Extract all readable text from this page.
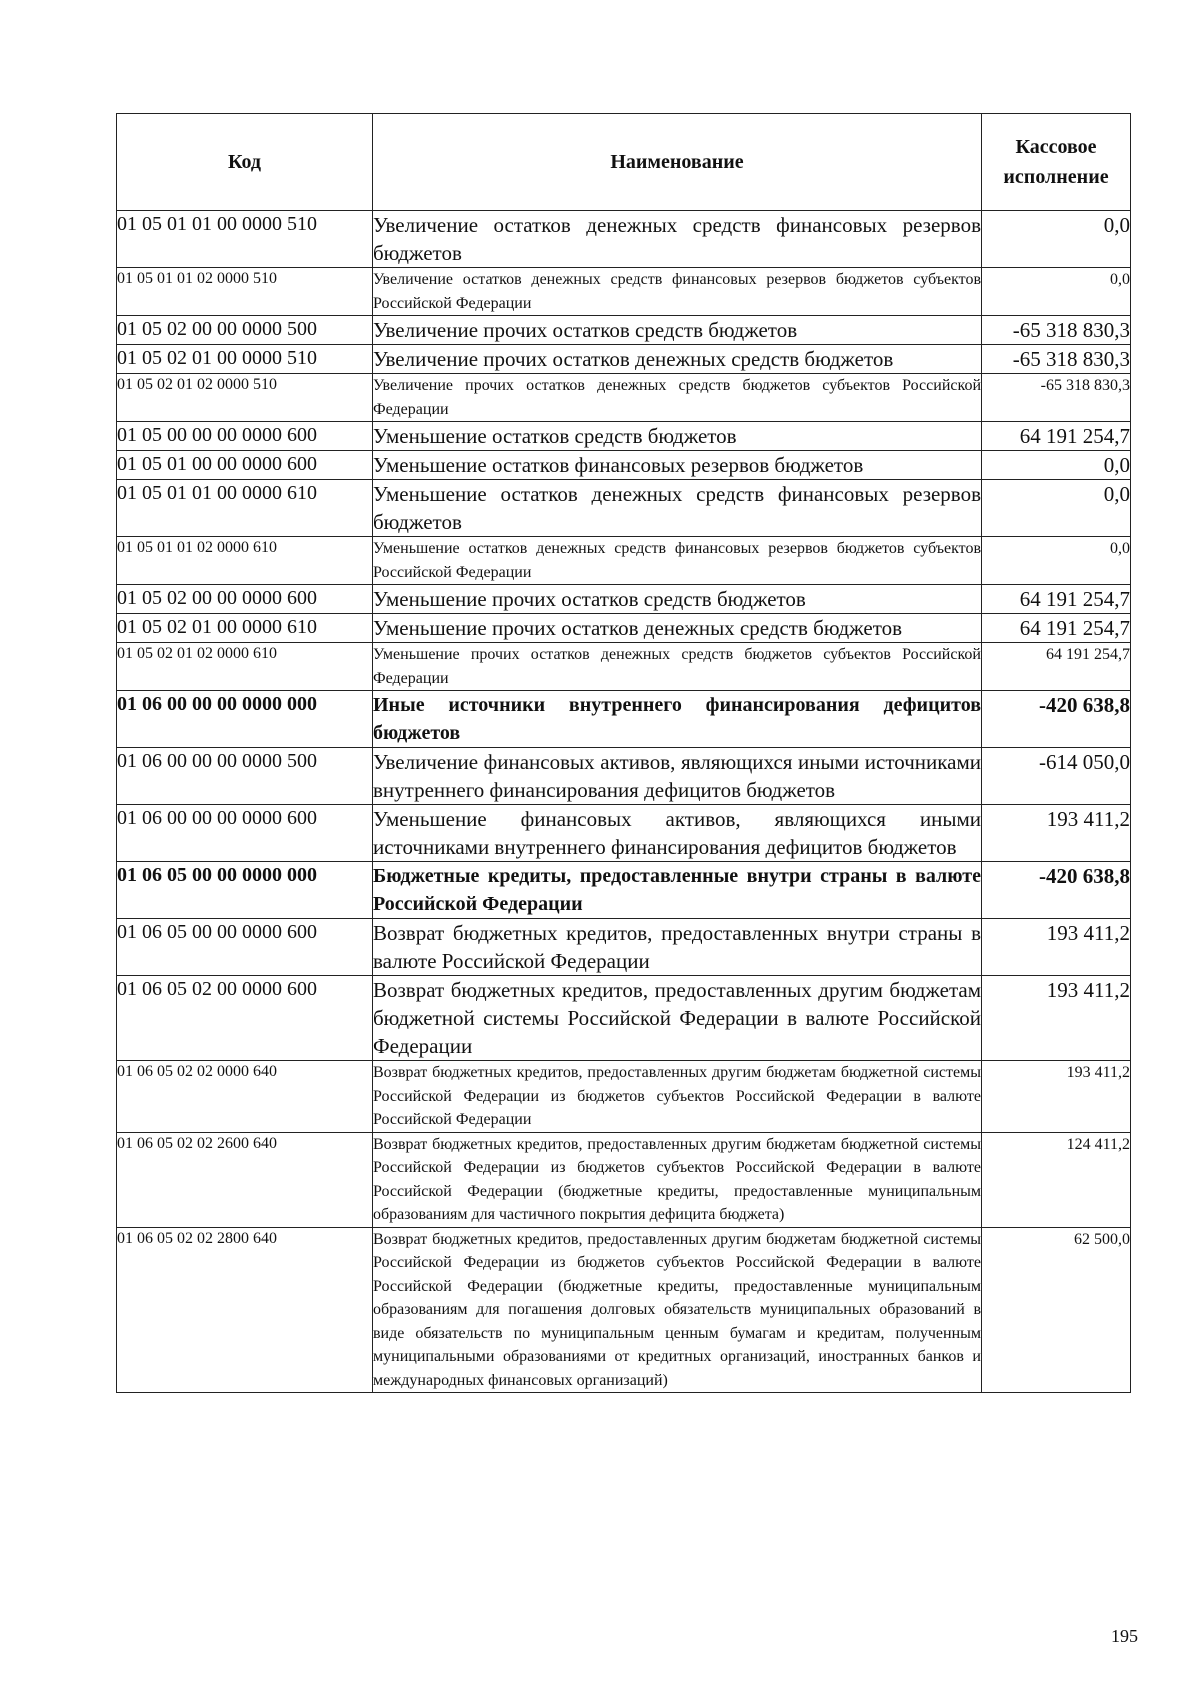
Код	Наименование	Кассовое
исполнение
01 05 01 01 00 0000 510	Увеличение остатков денежных средств финансовых резервов бюджетов	0,0
01 05 01 01 02 0000 510	Увеличение остатков денежных средств финансовых резервов бюджетов субъектов Российской Федерации	0,0
01 05 02 00 00 0000 500	Увеличение прочих остатков средств бюджетов	-65 318 830,3
01 05 02 01 00 0000 510	Увеличение прочих остатков денежных средств бюджетов	-65 318 830,3
01 05 02 01 02 0000 510	Увеличение прочих остатков денежных средств бюджетов субъектов Российской Федерации	-65 318 830,3
01 05 00 00 00 0000 600	Уменьшение остатков средств бюджетов	64 191 254,7
01 05 01 00 00 0000 600	Уменьшение остатков финансовых резервов бюджетов	0,0
01 05 01 01 00 0000 610	Уменьшение остатков денежных средств финансовых резервов бюджетов	0,0
01 05 01 01 02 0000 610	Уменьшение остатков денежных средств финансовых резервов бюджетов субъектов Российской Федерации	0,0
01 05 02 00 00 0000 600	Уменьшение прочих остатков средств бюджетов	64 191 254,7
01 05 02 01 00 0000 610	Уменьшение прочих остатков денежных средств бюджетов	64 191 254,7
01 05 02 01 02 0000 610	Уменьшение прочих остатков денежных средств бюджетов субъектов Российской Федерации	64 191 254,7
01 06 00 00 00 0000 000	Иные источники внутреннего финансирования дефицитов бюджетов	-420 638,8
01 06 00 00 00 0000 500	Увеличение финансовых активов, являющихся иными источниками внутреннего финансирования дефицитов бюджетов	-614 050,0
01 06 00 00 00 0000 600	Уменьшение финансовых активов, являющихся иными источниками внутреннего финансирования дефицитов бюджетов	193 411,2
01 06 05 00 00 0000 000	Бюджетные кредиты, предоставленные внутри страны в валюте Российской Федерации	-420 638,8
01 06 05 00 00 0000 600	Возврат бюджетных кредитов, предоставленных внутри страны в валюте Российской Федерации	193 411,2
01 06 05 02 00 0000 600	Возврат бюджетных кредитов, предоставленных другим бюджетам бюджетной системы Российской Федерации в валюте Российской Федерации	193 411,2
01 06 05 02 02 0000 640	Возврат бюджетных кредитов, предоставленных другим бюджетам бюджетной системы Российской Федерации из бюджетов субъектов Российской Федерации в валюте Российской Федерации	193 411,2
01 06 05 02 02 2600 640	Возврат бюджетных кредитов, предоставленных другим бюджетам бюджетной системы Российской Федерации из бюджетов субъектов Российской Федерации в валюте Российской Федерации (бюджетные кредиты, предоставленные муниципальным образованиям для частичного покрытия дефицита бюджета)	124 411,2
01 06 05 02 02 2800 640	Возврат бюджетных кредитов, предоставленных другим бюджетам бюджетной системы Российской Федерации из бюджетов субъектов Российской Федерации в валюте Российской Федерации (бюджетные кредиты, предоставленные муниципальным образованиям для погашения долговых обязательств муниципальных образований в виде обязательств по муниципальным ценным бумагам и кредитам, полученным муниципальными образованиями от кредитных организаций, иностранных банков и международных финансовых организаций)	62 500,0
195
